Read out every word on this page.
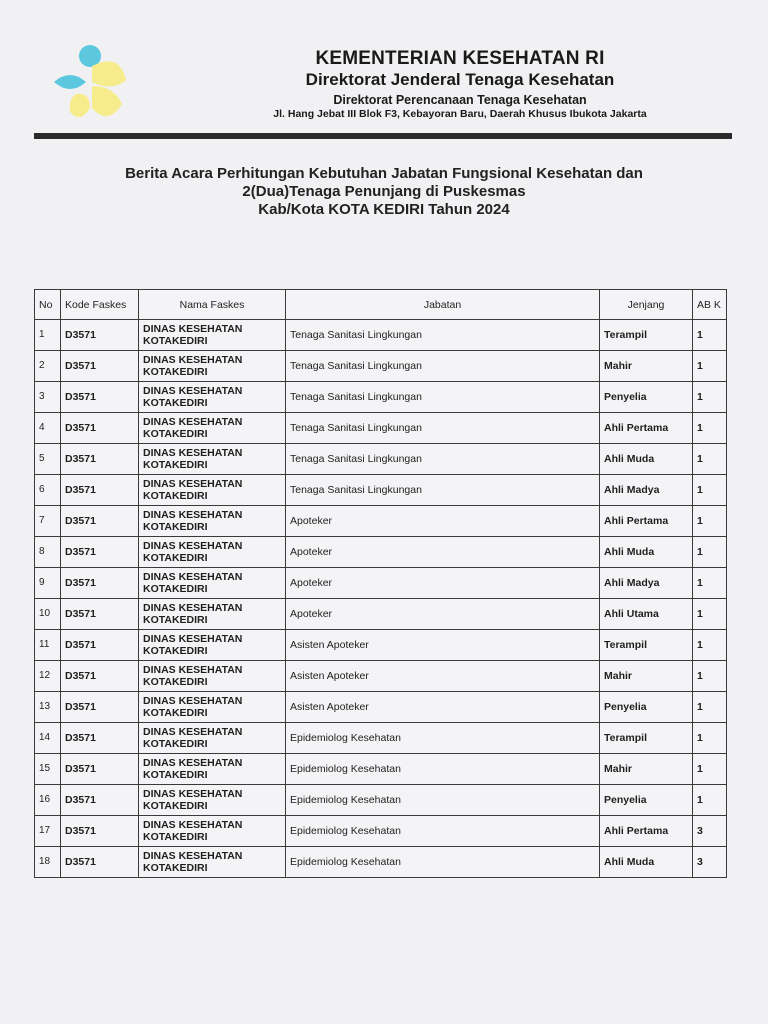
KEMENTERIAN KESEHATAN RI
Direktorat Jenderal Tenaga Kesehatan
Direktorat Perencanaan Tenaga Kesehatan
Jl. Hang Jebat III Blok F3, Kebayoran Baru, Daerah Khusus Ibukota Jakarta
Berita Acara Perhitungan Kebutuhan Jabatan Fungsional Kesehatan dan
2(Dua)Tenaga Penunjang di Puskesmas
Kab/Kota KOTA KEDIRI Tahun 2024
No	Kode Faskes	Nama Faskes	Jabatan	Jenjang	AB K
1	D3571	DINAS KESEHATAN KOTAKEDIRI	Tenaga Sanitasi Lingkungan	Terampil	1
2	D3571	DINAS KESEHATAN KOTAKEDIRI	Tenaga Sanitasi Lingkungan	Mahir	1
3	D3571	DINAS KESEHATAN KOTAKEDIRI	Tenaga Sanitasi Lingkungan	Penyelia	1
4	D3571	DINAS KESEHATAN KOTAKEDIRI	Tenaga Sanitasi Lingkungan	Ahli Pertama	1
5	D3571	DINAS KESEHATAN KOTAKEDIRI	Tenaga Sanitasi Lingkungan	Ahli Muda	1
6	D3571	DINAS KESEHATAN KOTAKEDIRI	Tenaga Sanitasi Lingkungan	Ahli Madya	1
7	D3571	DINAS KESEHATAN KOTAKEDIRI	Apoteker	Ahli Pertama	1
8	D3571	DINAS KESEHATAN KOTAKEDIRI	Apoteker	Ahli Muda	1
9	D3571	DINAS KESEHATAN KOTAKEDIRI	Apoteker	Ahli Madya	1
10	D3571	DINAS KESEHATAN KOTAKEDIRI	Apoteker	Ahli Utama	1
11	D3571	DINAS KESEHATAN KOTAKEDIRI	Asisten Apoteker	Terampil	1
12	D3571	DINAS KESEHATAN KOTAKEDIRI	Asisten Apoteker	Mahir	1
13	D3571	DINAS KESEHATAN KOTAKEDIRI	Asisten Apoteker	Penyelia	1
14	D3571	DINAS KESEHATAN KOTAKEDIRI	Epidemiolog Kesehatan	Terampil	1
15	D3571	DINAS KESEHATAN KOTAKEDIRI	Epidemiolog Kesehatan	Mahir	1
16	D3571	DINAS KESEHATAN KOTAKEDIRI	Epidemiolog Kesehatan	Penyelia	1
17	D3571	DINAS KESEHATAN KOTAKEDIRI	Epidemiolog Kesehatan	Ahli Pertama	3
18	D3571	DINAS KESEHATAN KOTAKEDIRI	Epidemiolog Kesehatan	Ahli Muda	3
